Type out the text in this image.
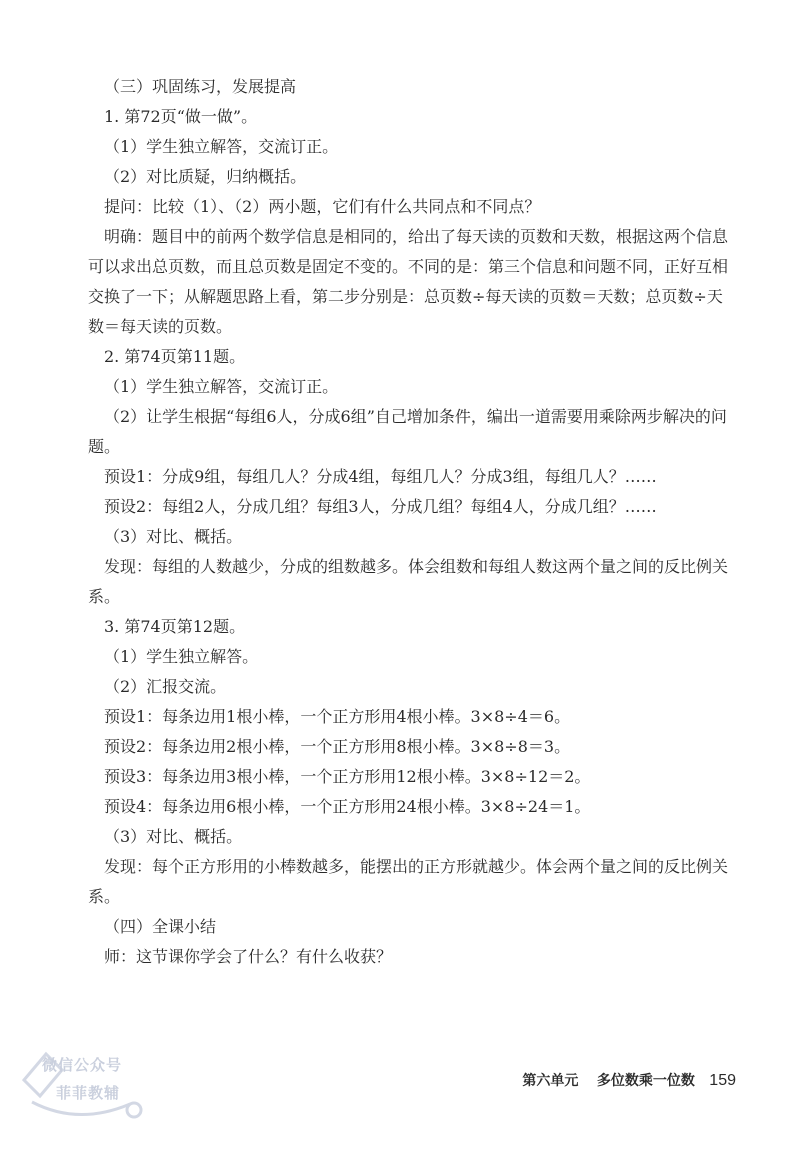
（三）巩固练习，发展提高

1. 第72页“做一做”。

（1）学生独立解答，交流订正。

（2）对比质疑，归纳概括。

提问：比较（1）、（2）两小题，它们有什么共同点和不同点？

明确：题目中的前两个数学信息是相同的，给出了每天读的页数和天数，根据这两个信息可以求出总页数，而且总页数是固定不变的。不同的是：第三个信息和问题不同，正好互相交换了一下；从解题思路上看，第二步分别是：总页数÷每天读的页数＝天数；总页数÷天数＝每天读的页数。

2. 第74页第11题。

（1）学生独立解答，交流订正。

（2）让学生根据“每组6人，分成6组”自己增加条件，编出一道需要用乘除两步解决的问题。

预设1：分成9组，每组几人？分成4组，每组几人？分成3组，每组几人？……

预设2：每组2人，分成几组？每组3人，分成几组？每组4人，分成几组？……

（3）对比、概括。

发现：每组的人数越少，分成的组数越多。体会组数和每组人数这两个量之间的反比例关系。

3. 第74页第12题。

（1）学生独立解答。

（2）汇报交流。

预设1：每条边用1根小棒，一个正方形用4根小棒。3×8÷4＝6。

预设2：每条边用2根小棒，一个正方形用8根小棒。3×8÷8＝3。

预设3：每条边用3根小棒，一个正方形用12根小棒。3×8÷12＝2。

预设4：每条边用6根小棒，一个正方形用24根小棒。3×8÷24＝1。

（3）对比、概括。

发现：每个正方形用的小棒数越多，能摆出的正方形就越少。体会两个量之间的反比例关系。

（四）全课小结

师：这节课你学会了什么？有什么收获？

第六单元 多位数乘一位数 159
微信公众号
菲菲教辅
